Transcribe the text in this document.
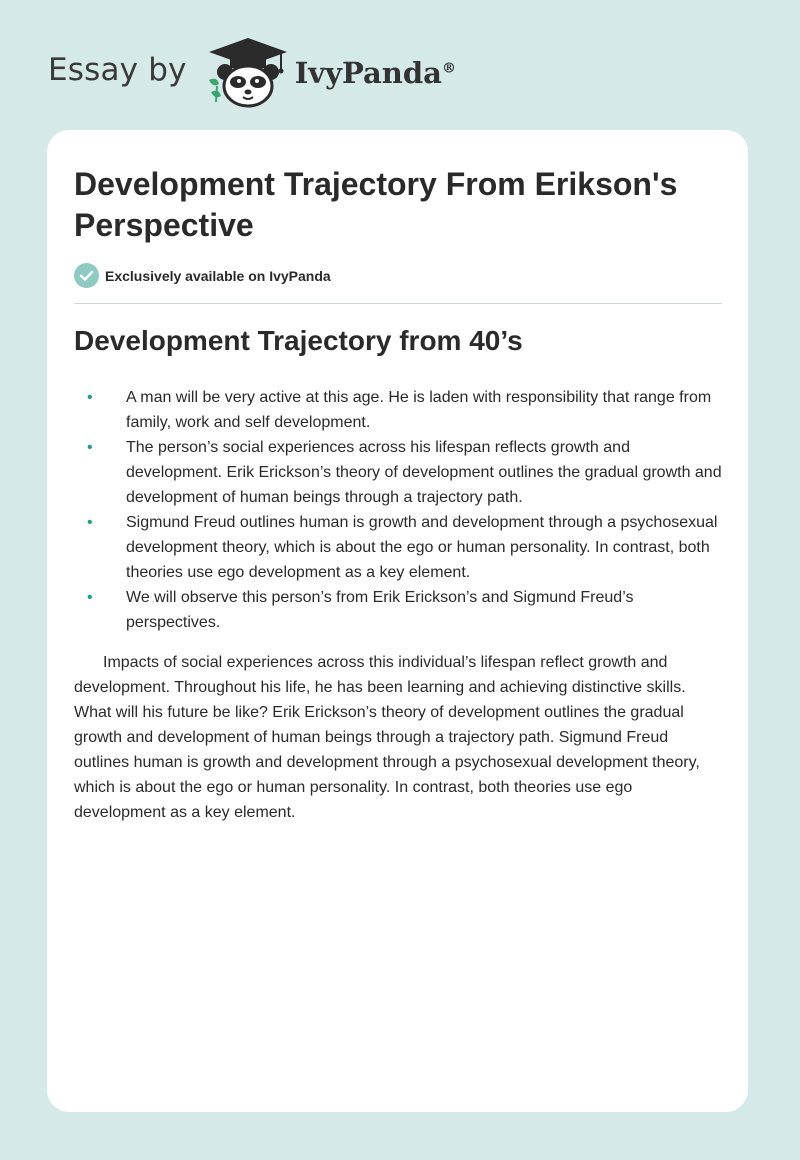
Essay by	IvyPanda®
Development Trajectory From Erikson's Perspective
Exclusively available on IvyPanda
Development Trajectory from 40’s
• A man will be very active at this age. He is laden with responsibility that range from family, work and self development.
• The person’s social experiences across his lifespan reflects growth and development. Erik Erickson’s theory of development outlines the gradual growth and development of human beings through a trajectory path.
• Sigmund Freud outlines human is growth and development through a psychosexual development theory, which is about the ego or human personality. In contrast, both theories use ego development as a key element.
• We will observe this person’s from Erik Erickson’s and Sigmund Freud’s perspectives.

Impacts of social experiences across this individual’s lifespan reflect growth and development. Throughout his life, he has been learning and achieving distinctive skills. What will his future be like? Erik Erickson’s theory of development outlines the gradual growth and development of human beings through a trajectory path. Sigmund Freud outlines human is growth and development through a psychosexual development theory, which is about the ego or human personality. In contrast, both theories use ego development as a key element.
